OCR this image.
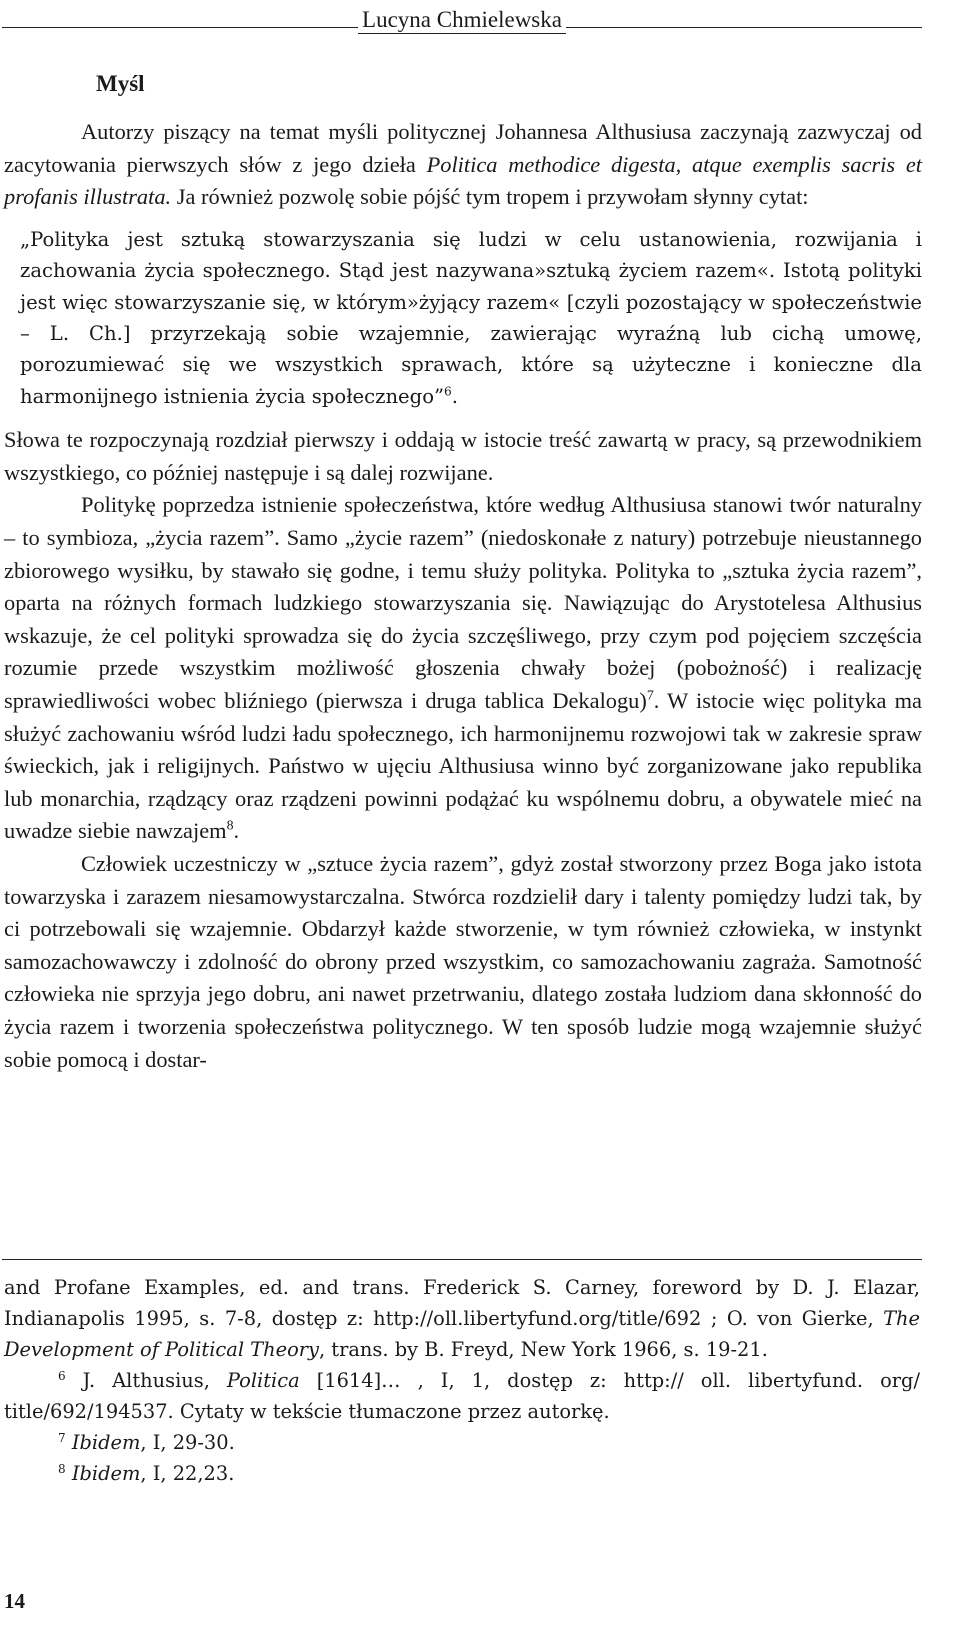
Lucyna Chmielewska
Myśl

Autorzy piszący na temat myśli politycznej Johannesa Althusiusa zaczynają zazwyczaj od zacytowania pierwszych słów z jego dzieła Politica methodice digesta, atque exemplis sacris et profanis illustrata. Ja również pozwolę sobie pójść tym tropem i przywołam słynny cytat:

„Polityka jest sztuką stowarzyszania się ludzi w celu ustanowienia, rozwijania i zachowania życia społecznego. Stąd jest nazywana»sztuką życiem razem«. Istotą polityki jest więc stowarzyszanie się, w którym»żyjący razem« [czyli pozostający w społeczeństwie – L. Ch.] przyrzekają sobie wzajemnie, zawierając wyraźną lub cichą umowę, porozumiewać się we wszystkich sprawach, które są użyteczne i konieczne dla harmonijnego istnienia życia społecznego”$^6$.

Słowa te rozpoczynają rozdział pierwszy i oddają w istocie treść zawartą w pracy, są przewodnikiem wszystkiego, co później następuje i są dalej rozwijane.

Politykę poprzedza istnienie społeczeństwa, które według Althusiusa stanowi twór naturalny – to symbioza, „życia razem”. Samo „życie razem” (niedoskonałe z natury) potrzebuje nieustannego zbiorowego wysiłku, by stawało się godne, i temu służy polityka. Polityka to „sztuka życia razem”, oparta na różnych formach ludzkiego stowarzyszania się. Nawiązując do Arystotelesa Althusius wskazuje, że cel polityki sprowadza się do życia szczęśliwego, przy czym pod pojęciem szczęścia rozumie przede wszystkim możliwość głoszenia chwały bożej (pobożność) i realizację sprawiedliwości wobec bliźniego (pierwsza i druga tablica Dekalogu)$^7$. W istocie więc polityka ma służyć zachowaniu wśród ludzi ładu społecznego, ich harmonijnemu rozwojowi tak w zakresie spraw świeckich, jak i religijnych. Państwo w ujęciu Althusiusa winno być zorganizowane jako republika lub monarchia, rządzący oraz rządzeni powinni podążać ku wspólnemu dobru, a obywatele mieć na uwadze siebie nawzajem$^8$.

Człowiek uczestniczy w „sztuce życia razem”, gdyż został stworzony przez Boga jako istota towarzyska i zarazem niesamowystarczalna. Stwórca rozdzielił dary i talenty pomiędzy ludzi tak, by ci potrzebowali się wzajemnie. Obdarzył każde stworzenie, w tym również człowieka, w instynkt samozachowawczy i zdolność do obrony przed wszystkim, co samozachowaniu zagraża. Samotność człowieka nie sprzyja jego dobru, ani nawet przetrwaniu, dlatego została ludziom dana skłonność do życia razem i tworzenia społeczeństwa politycznego. W ten sposób ludzie mogą wzajemnie służyć sobie pomocą i dostar-

and Profane Examples, ed. and trans. Frederick S. Carney, foreword by D. J. Elazar, Indianapolis 1995, s. 7-8, dostęp z: http://oll.libertyfund.org/title/692 ; O. von Gierke, The Development of Political Theory, trans. by B. Freyd, New York 1966, s. 19-21.

$^6$ J. Althusius, Politica [1614]… , I, 1, dostęp z: http:// oll. libertyfund. org/ title/692/194537. Cytaty w tekście tłumaczone przez autorkę.

$^7$ Ibidem, I, 29-30.

$^8$ Ibidem, I, 22,23.

14
